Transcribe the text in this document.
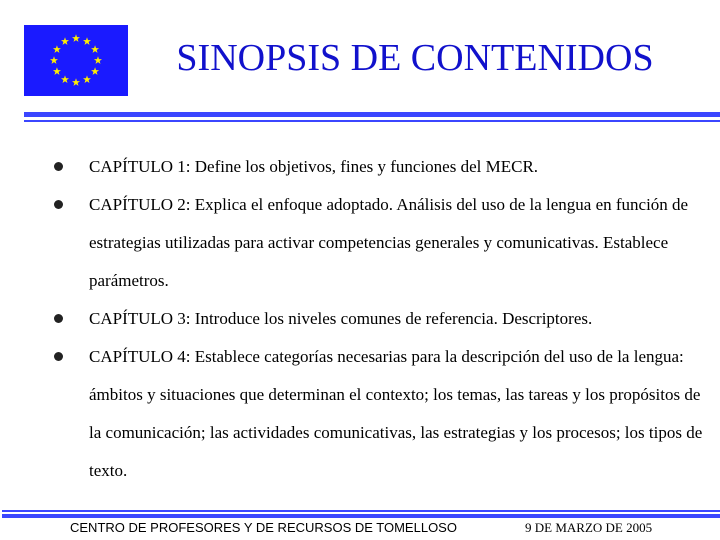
SINOPSIS DE CONTENIDOS
CAPÍTULO 1: Define los objetivos, fines y funciones del MECR.
CAPÍTULO 2: Explica el enfoque adoptado. Análisis del uso de la lengua en función de estrategias utilizadas para activar competencias generales y comunicativas. Establece parámetros.
CAPÍTULO 3: Introduce los niveles comunes de referencia. Descriptores.
CAPÍTULO 4: Establece categorías necesarias para la descripción del uso de la lengua: ámbitos y situaciones que determinan el contexto; los temas, las tareas y los propósitos de la comunicación; las actividades comunicativas, las estrategias y los procesos; los tipos de texto.
CENTRO DE PROFESORES Y DE RECURSOS DE TOMELLOSO	9 DE MARZO DE 2005
